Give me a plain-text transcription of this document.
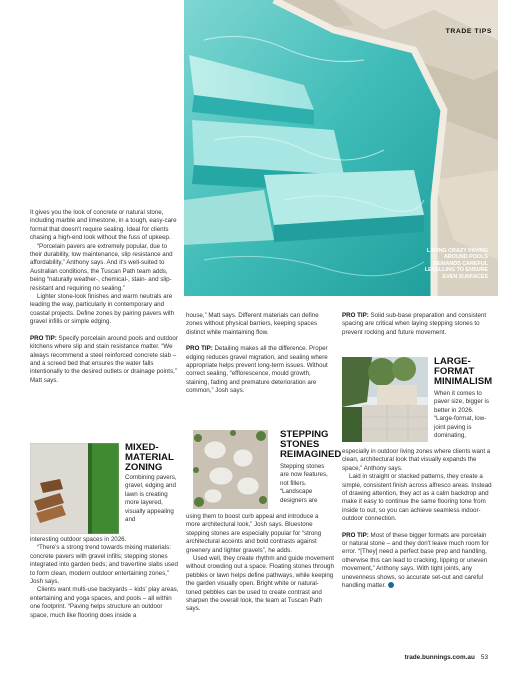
TRADE TIPS
LAYING CRAZY PAVING AROUND POOLS DEMANDS CAREFUL LEVELLING TO ENSURE EVEN SURFACES

It gives you the look of concrete or natural stone, including marble and limestone, in a tough, easy-care format that doesn't require sealing. Ideal for clients chasing a high-end look without the fuss of upkeep.

“Porcelain pavers are extremely popular, due to their durability, low maintenance, slip resistance and affordability,” Anthony says. And it's well-suited to Australian conditions, the Tuscan Path team adds, being “naturally weather-, chemical-, stain- and slip-resistant and requiring no sealing.”

Lighter stone-look finishes and warm neutrals are leading the way, particularly in contemporary and coastal projects. Define zones by pairing pavers with gravel infills or simple edging.

PRO TIP: Specify porcelain around pools and outdoor kitchens where slip and stain resistance matter. “We always recommend a steel reinforced concrete slab – and a screed bed that ensures the water falls intentionally to the desired outlets or drainage points,” Matt says.

MIXED-MATERIAL ZONING
Combining pavers, gravel, edging and lawn is creating more layered, visually appealing and

interesting outdoor spaces in 2026.

“There's a strong trend towards mixing materials: concrete pavers with gravel infills; stepping stones integrated into garden beds; and travertine slabs used to form clean, modern outdoor entertaining zones,” Josh says.

Clients want multi-use backyards – kids' play areas, entertaining and yoga spaces, and pools – all within one footprint. “Paving helps structure an outdoor space, much like flooring does inside a

house,” Matt says. Different materials can define zones without physical barriers, keeping spaces distinct while maintaining flow.

PRO TIP: Detailing makes all the difference. Proper edging reduces gravel migration, and sealing where appropriate helps prevent long-term issues. Without correct sealing, “efflorescence, mould growth, staining, fading and premature deterioration are common,” Josh says.

STEPPING STONES REIMAGINED
Stepping stones are now features, not fillers. “Landscape designers are

using them to boost curb appeal and introduce a more architectural look,” Josh says. Bluestone stepping stones are especially popular for “strong architectural accents and bold contrasts against greenery and lighter gravels”, he adds.

Used well, they create rhythm and guide movement without crowding out a space. Floating stones through pebbles or lawn helps define pathways, while keeping the garden visually open. Bright white or natural-toned pebbles can be used to create contrast and sharpen the overall look, the team at Tuscan Path says.

PRO TIP: Solid sub-base preparation and consistent spacing are critical when laying stepping stones to prevent rocking and future movement.

LARGE-FORMAT MINIMALISM
When it comes to paver size, bigger is better in 2026. “Large-format, low-joint paving is dominating,

especially in outdoor living zones where clients want a clean, architectural look that visually expands the space,” Anthony says.

Laid in straight or stacked patterns, they create a simple, consistent finish across alfresco areas. Instead of drawing attention, they act as a calm backdrop and make it easy to continue the same flooring tone from inside to out, so you can achieve seamless indoor-outdoor connection.

PRO TIP: Most of these bigger formats are porcelain or natural stone – and they don't leave much room for error. “[They] need a perfect base prep and handling, otherwise this can lead to cracking, lipping or uneven movement,” Anthony says. With tight joints, any unevenness shows, so accurate set-out and careful handling matter.

trade.bunnings.com.au 53
